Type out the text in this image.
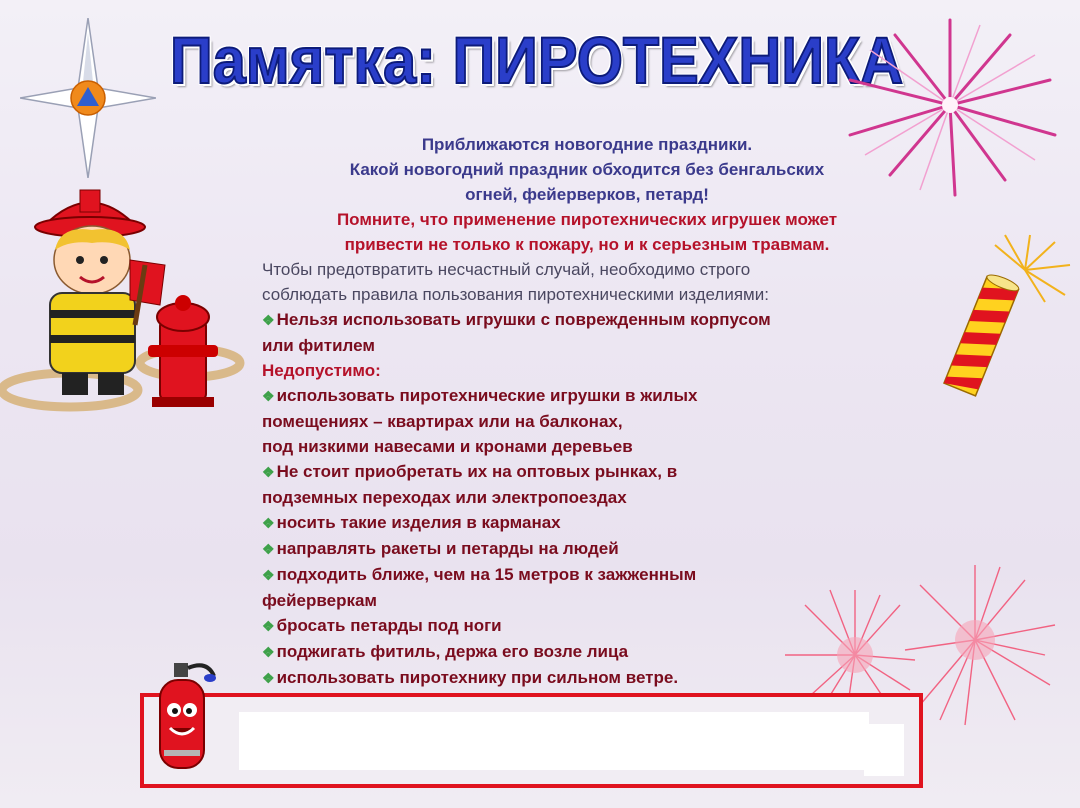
Памятка: ПИРОТЕХНИКА

Приближаются новогодние праздники.

Какой новогодний праздник обходится без бенгальских

огней, фейерверков, петард!

Помните, что применение пиротехнических игрушек может

привести не только к пожару, но и к серьезным травмам.

Чтобы предотвратить несчастный случай, необходимо строго

соблюдать правила пользования пиротехническими изделиями:

❖ Нельзя использовать игрушки с поврежденным корпусом

или фитилем

Недопустимо:

❖ использовать пиротехнические игрушки в жилых

помещениях – квартирах или на балконах,

под низкими навесами и кронами деревьев

❖ Не стоит приобретать их на оптовых рынках, в

подземных переходах или электропоездах

❖ носить такие изделия в карманах

❖ направлять ракеты и петарды на людей

❖ подходить ближе, чем на 15 метров к зажженным

фейерверкам

❖ бросать петарды под ноги

❖ поджигать фитиль, держа его возле лица

❖ использовать пиротехнику при сильном ветре.
